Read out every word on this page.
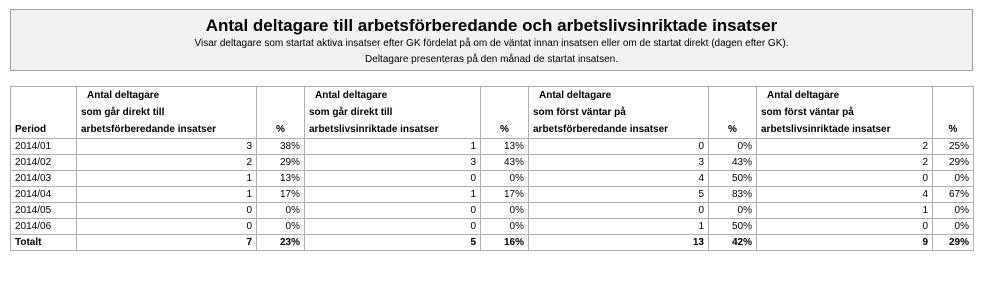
Antal deltagare till arbetsförberedande och arbetslivsinriktade insatser
Visar deltagare som startat aktiva insatser efter GK fördelat på om de väntat innan insatsen eller om de startat direkt (dagen efter GK).
Deltagare presenteras på den månad de startat insatsen.
Period	Antal deltagare
som går direkt till
arbetsförberedande insatser	%	Antal deltagare
som går direkt till
arbetslivsinriktade insatser	%	Antal deltagare
som först väntar på
arbetsförberedande insatser	%	Antal deltagare
som först väntar på
arbetslivsinriktade insatser	%

2014/01	3	38%	1	13%	0	0%	2	25%
2014/02	2	29%	3	43%	3	43%	2	29%
2014/03	1	13%	0	0%	4	50%	0	0%
2014/04	1	17%	1	17%	5	83%	4	67%
2014/05	0	0%	0	0%	0	0%	1	0%
2014/06	0	0%	0	0%	1	50%	0	0%
Totalt	7	23%	5	16%	13	42%	9	29%
